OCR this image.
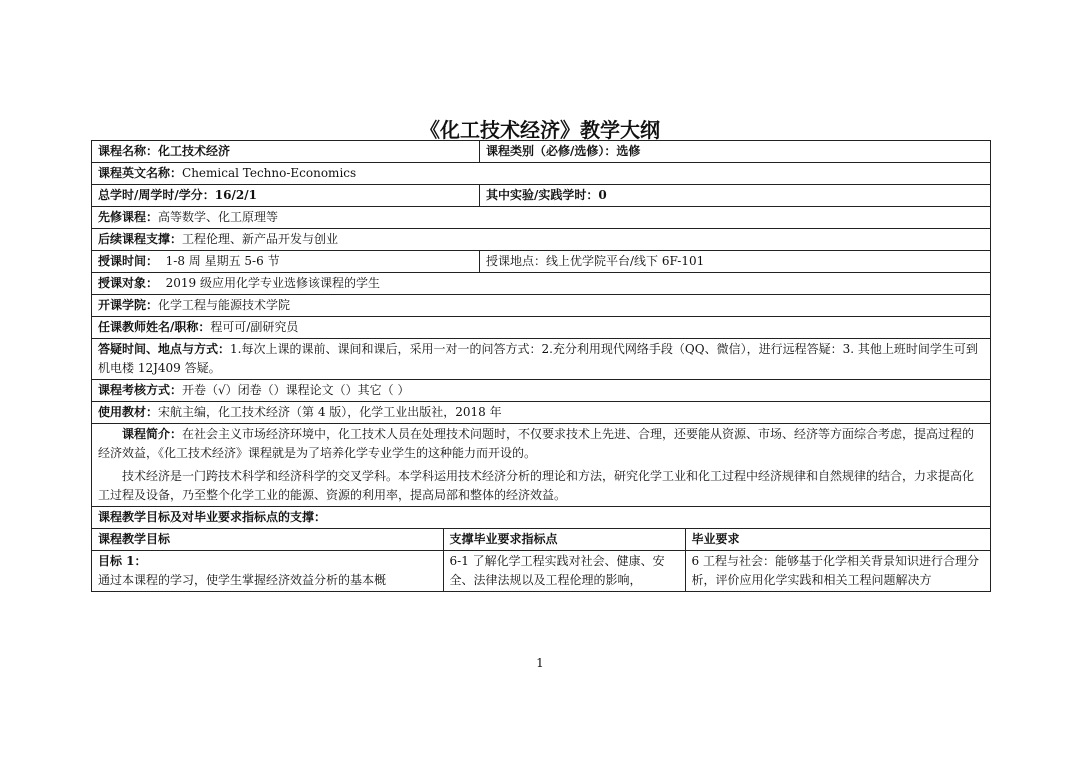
《化工技术经济》教学大纲
课程名称：化工技术经济	课程类别（必修/选修）：选修
课程英文名称：Chemical Techno-Economics
总学时/周学时/学分：16/2/1	其中实验/实践学时：0
先修课程：高等数学、化工原理等
后续课程支撑：工程伦理、新产品开发与创业
授课时间： 1-8 周 星期五 5-6 节	授课地点：线上优学院平台/线下 6F-101
授课对象： 2019 级应用化学专业选修该课程的学生
开课学院：化学工程与能源技术学院
任课教师姓名/职称：程可可/副研究员
答疑时间、地点与方式：1.每次上课的课前、课间和课后，采用一对一的问答方式：2.充分利用现代网络手段（QQ、微信），进行远程答疑：3. 其他上班时间学生可到机电楼 12J409 答疑。
课程考核方式：开卷（√）闭卷（）课程论文（）其它（ ）
使用教材：宋航主编，化工技术经济（第 4 版），化学工业出版社，2018 年

课程简介：在社会主义市场经济环境中，化工技术人员在处理技术问题时，不仅要求技术上先进、合理，还要能从资源、市场、经济等方面综合考虑，提高过程的经济效益，《化工技术经济》课程就是为了培养化学专业学生的这种能力而开设的。
技术经济是一门跨技术科学和经济科学的交叉学科。本学科运用技术经济分析的理论和方法，研究化学工业和化工过程中经济规律和自然规律的结合，力求提高化工过程及设备，乃至整个化学工业的能源、资源的利用率，提高局部和整体的经济效益。

课程教学目标及对毕业要求指标点的支撑：

课程教学目标	支撑毕业要求指标点	毕业要求

目标 1：
通过本课程的学习，使学生掌握经济效益分析的基本概
	6-1 了解化学工程实践对社会、健康、安全、法律法规以及工程伦理的影响，	6 工程与社会：能够基于化学相关背景知识进行合理分析，评价应用化学实践和相关工程问题解决方
1
